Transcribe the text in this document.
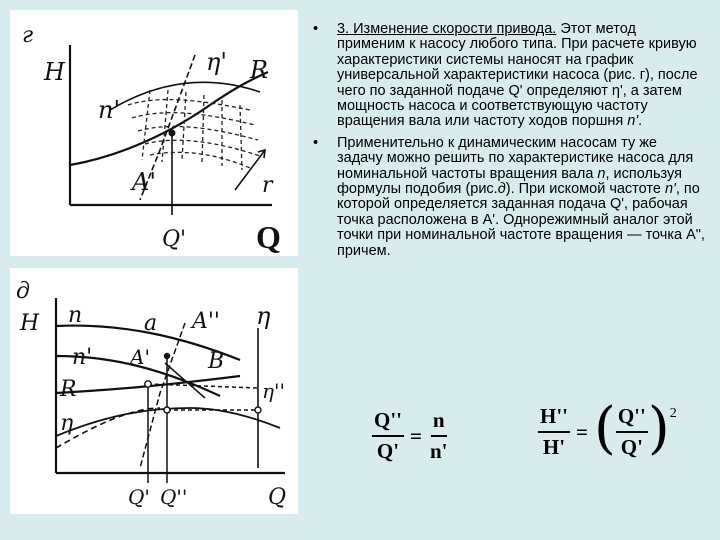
г
H	η' R
n'
A'	r
Q' Q
д
H n	a A'' η
n' A'	B
R
η
η''
Q' Q''	Q
• 3. Изменение скорости привода. Этот метод применим к насосу любого типа. При расчете кривую характеристики системы наносят на график универсальной характеристики насоса (рис. г), после чего по заданной подаче Q' определяют η', а затем мощность насоса и соответствующую частоту вращения вала или частоту ходов поршня n'.
• Применительно к динамическим насосам ту же задачу можно решить по характеристике насоса для номинальной частоты вращения вала n, используя формулы подобия (рис.д). При искомой частоте n', по которой определяется заданная подача Q', рабочая точка расположена в A'. Однорежимный аналог этой точки при номинальной частоте вращения — точка A", причем.
$\frac{Q''}{Q'} = \frac{n}{n'}$	$\frac{H''}{H'}$ = ( $\frac{Q''}{Q'}$ ) 2
